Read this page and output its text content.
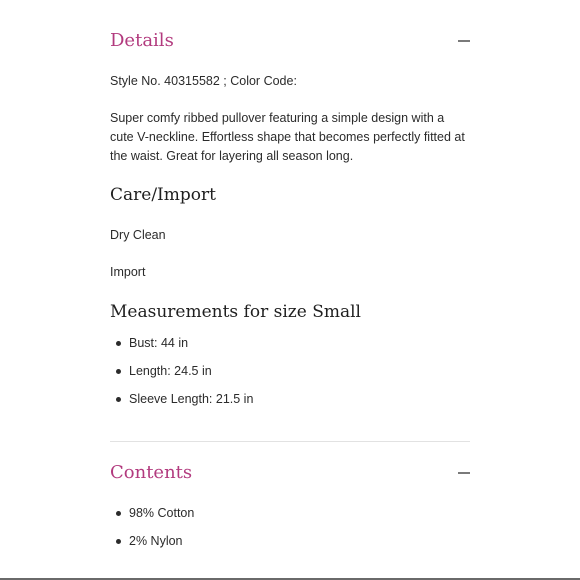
Details
Style No. 40315582 ; Color Code:
Super comfy ribbed pullover featuring a simple design with a cute V-neckline. Effortless shape that becomes perfectly fitted at the waist. Great for layering all season long.
Care/Import
Dry Clean
Import
Measurements for size Small
Bust: 44 in
Length: 24.5 in
Sleeve Length: 21.5 in
Contents
98% Cotton
2% Nylon
